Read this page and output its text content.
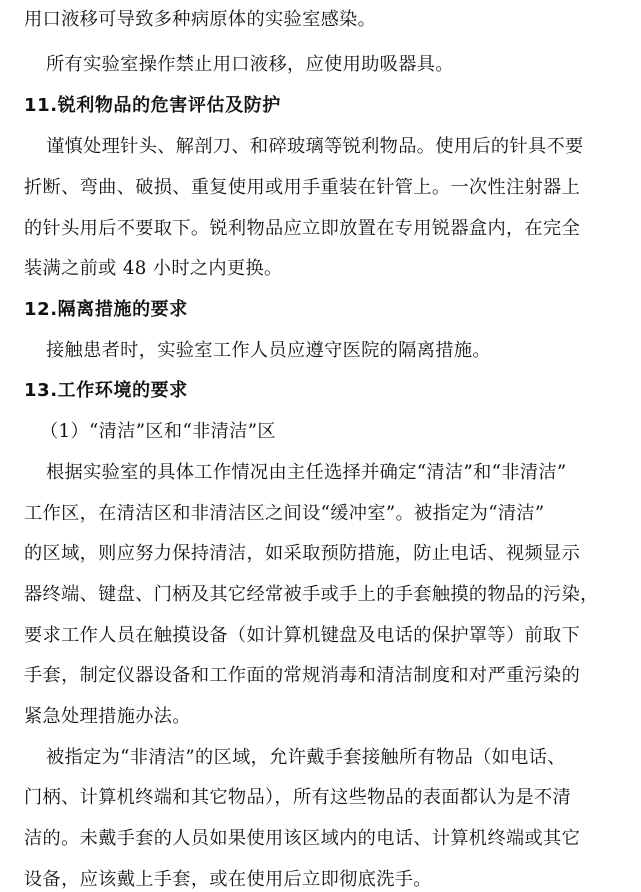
用口液移可导致多种病原体的实验室感染。
所有实验室操作禁止用口液移，应使用助吸器具。
11.锐利物品的危害评估及防护
谨慎处理针头、解剖刀、和碎玻璃等锐利物品。使用后的针具不要
折断、弯曲、破损、重复使用或用手重装在针管上。一次性注射器上
的针头用后不要取下。锐利物品应立即放置在专用锐器盒内，在完全
装满之前或 48 小时之内更换。
12.隔离措施的要求
接触患者时，实验室工作人员应遵守医院的隔离措施。
13.工作环境的要求
（1）“清洁”区和“非清洁”区
根据实验室的具体工作情况由主任选择并确定“清洁”和“非清洁”
工作区，在清洁区和非清洁区之间设“缓冲室”。被指定为“清洁”
的区域，则应努力保持清洁，如采取预防措施，防止电话、视频显示
器终端、键盘、门柄及其它经常被手或手上的手套触摸的物品的污染，
要求工作人员在触摸设备（如计算机键盘及电话的保护罩等）前取下
手套，制定仪器设备和工作面的常规消毒和清洁制度和对严重污染的
紧急处理措施办法。
被指定为“非清洁”的区域，允许戴手套接触所有物品（如电话、
门柄、计算机终端和其它物品），所有这些物品的表面都认为是不清
洁的。未戴手套的人员如果使用该区域内的电话、计算机终端或其它
设备，应该戴上手套，或在使用后立即彻底洗手。
